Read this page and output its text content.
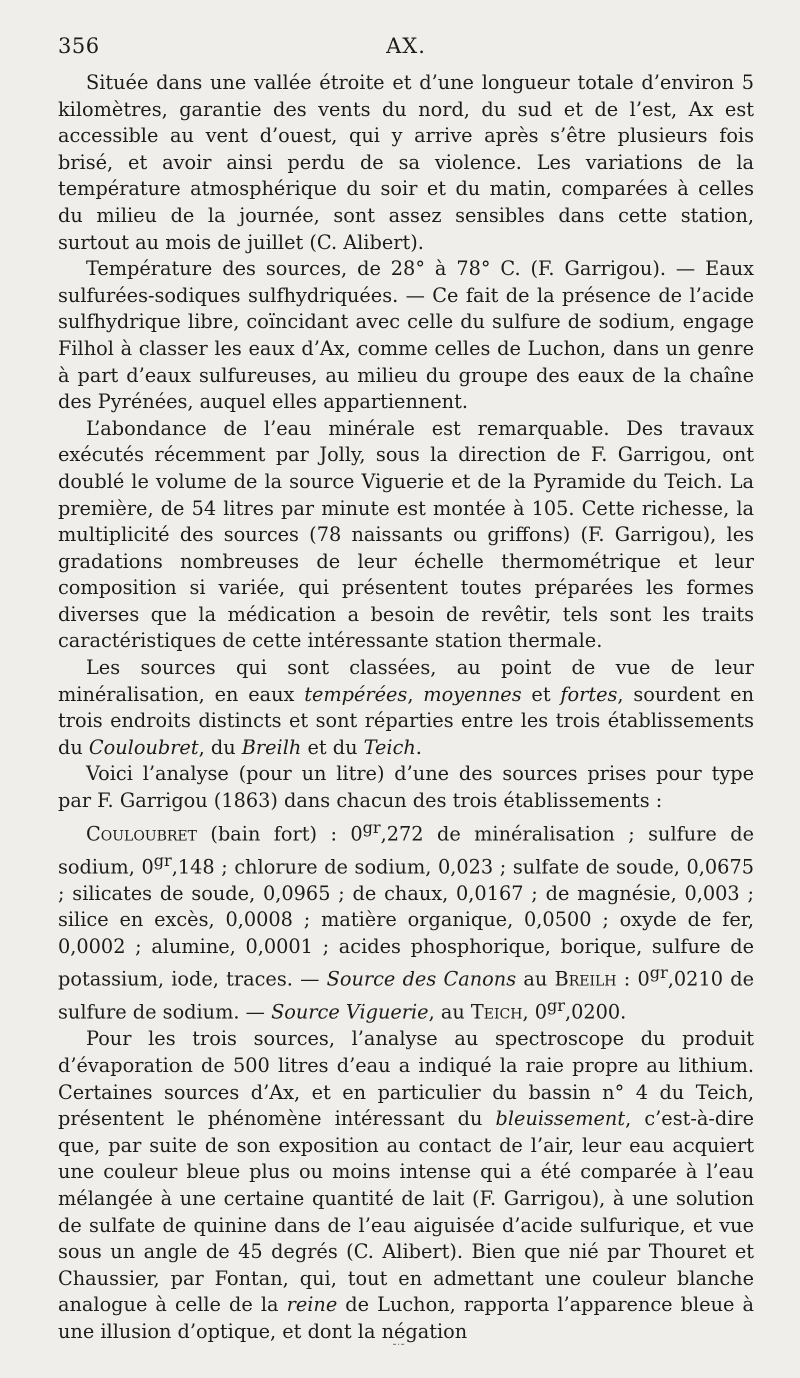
356	AX.

Située dans une vallée étroite et d’une longueur totale d’environ 5 kilomètres, garantie des vents du nord, du sud et de l’est, Ax est accessible au vent d’ouest, qui y arrive après s’être plusieurs fois brisé, et avoir ainsi perdu de sa violence. Les variations de la température atmosphérique du soir et du matin, comparées à celles du milieu de la journée, sont assez sensibles dans cette station, surtout au mois de juillet (C. Alibert).

Température des sources, de 28° à 78° C. (F. Garrigou). — Eaux sulfurées-sodiques sulfhydriquées. — Ce fait de la présence de l’acide sulfhydrique libre, coïncidant avec celle du sulfure de sodium, engage Filhol à classer les eaux d’Ax, comme celles de Luchon, dans un genre à part d’eaux sulfureuses, au milieu du groupe des eaux de la chaîne des Pyrénées, auquel elles appartiennent.

L’abondance de l’eau minérale est remarquable. Des travaux exécutés récemment par Jolly, sous la direction de F. Garrigou, ont doublé le volume de la source Viguerie et de la Pyramide du Teich. La première, de 54 litres par minute est montée à 105. Cette richesse, la multiplicité des sources (78 naissants ou griffons) (F. Garrigou), les gradations nombreuses de leur échelle thermométrique et leur composition si variée, qui présentent toutes préparées les formes diverses que la médication a besoin de revêtir, tels sont les traits caractéristiques de cette intéressante station thermale.

Les sources qui sont classées, au point de vue de leur minéralisation, en eaux tempérées, moyennes et fortes, sourdent en trois endroits distincts et sont réparties entre les trois établissements du Couloubret, du Breilh et du Teich.

Voici l’analyse (pour un litre) d’une des sources prises pour type par F. Garrigou (1863) dans chacun des trois établissements :

Couloubret (bain fort) : $0^{gr},272$ de minéralisation ; sulfure de sodium, $0^{gr},148$ ; chlorure de sodium, 0,023 ; sulfate de soude, 0,0675 ; silicates de soude, 0,0965 ; de chaux, 0,0167 ; de magnésie, 0,003 ; silice en excès, 0,0008 ; matière organique, 0,0500 ; oxyde de fer, 0,0002 ; alumine, 0,0001 ; acides phosphorique, borique, sulfure de potassium, iode, traces. — Source des Canons au Breilh : $0^{gr},0210$ de sulfure de sodium. — Source Viguerie, au Teich, $0^{gr},0200$.

Pour les trois sources, l’analyse au spectroscope du produit d’évaporation de 500 litres d’eau a indiqué la raie propre au lithium. Certaines sources d’Ax, et en particulier du bassin n° 4 du Teich, présentent le phénomène intéressant du bleuissement, c’est-à-dire que, par suite de son exposition au contact de l’air, leur eau acquiert une couleur bleue plus ou moins intense qui a été comparée à l’eau mélangée à une certaine quantité de lait (F. Garrigou), à une solution de sulfate de quinine dans de l’eau aiguisée d’acide sulfurique, et vue sous un angle de 45 degrés (C. Alibert). Bien que nié par Thouret et Chaussier, par Fontan, qui, tout en admettant une couleur blanche analogue à celle de la reine de Luchon, rapporta l’apparence bleue à une illusion d’optique, et dont la négation

⁃‧⁃
